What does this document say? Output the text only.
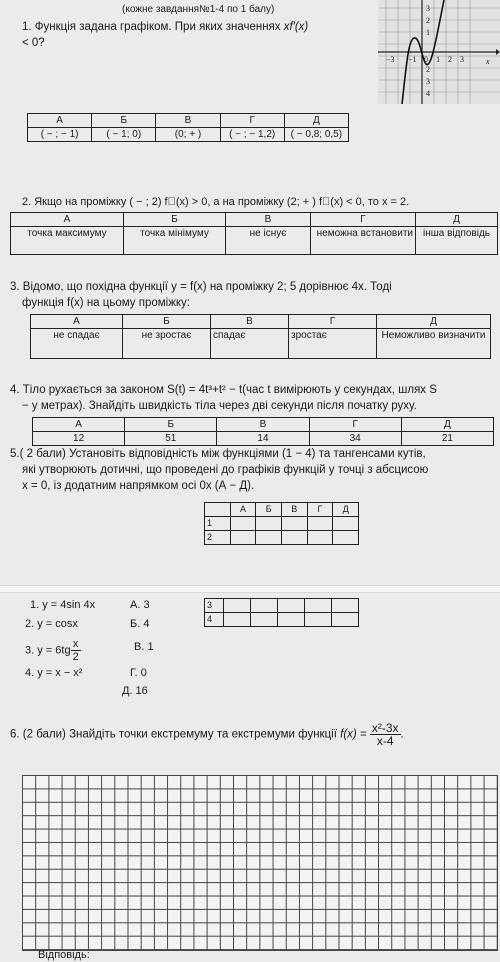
(кожне завдання№1-4 по 1 балу)
1. Функція задана графіком. При яких значеннях xf′(x)
< 0?
3
2
1
2
3
4
−3 −1 0 1 2 3	x
А	Б	В	Г	Д
( − ; − 1)	( − 1; 0)	(0; + )	( − ; − 1,2)	( − 0,8; 0,5)
2. Якщо на проміжку ( − ; 2) f (x) > 0, а на проміжку (2; + ) f (x) < 0, то x = 2.
А	Б	В	Г	Д
точка максимуму	точка мінімуму	не існує	неможна встановити	інша відповідь
3. Відомо, що похідна функції y = f(x) на проміжку 2; 5 дорівнює 4x. Тоді
функція f(x) на цьому проміжку:
А	Б	В	Г	Д
не спадає	не зростає	спадає	зростає	Неможливо визначити
4. Тіло рухається за законом S(t) = 4t³+t² − t(час t вимірюють у секундах, шлях S
− у метрах). Знайдіть швидкість тіла через дві секунди після початку руху.
А	Б	В	Г	Д
12	51	14	34	21
5.( 2 бали) Установіть відповідність між функціями (1 − 4) та тангенсами кутів,
які утворюють дотичні, що проведені до графіків функцій у точці з абсцисою
x = 0, із додатним напрямком осі 0x (А − Д).
	А	Б	В	Г	Д
1					
2					
3					
4					
1. y = 4sin 4x
2. y = cosx
3. $y = 6tg \frac{x}{2}$
4. y = x − x²
А. 3
Б. 4
В. 1
Г. 0
Д. 16
6. (2 бали) Знайдіть точки екстремуму та екстремуми функції $f(x) = \frac{\text{x²-3x}}{x-4}$ .
Відповідь:
